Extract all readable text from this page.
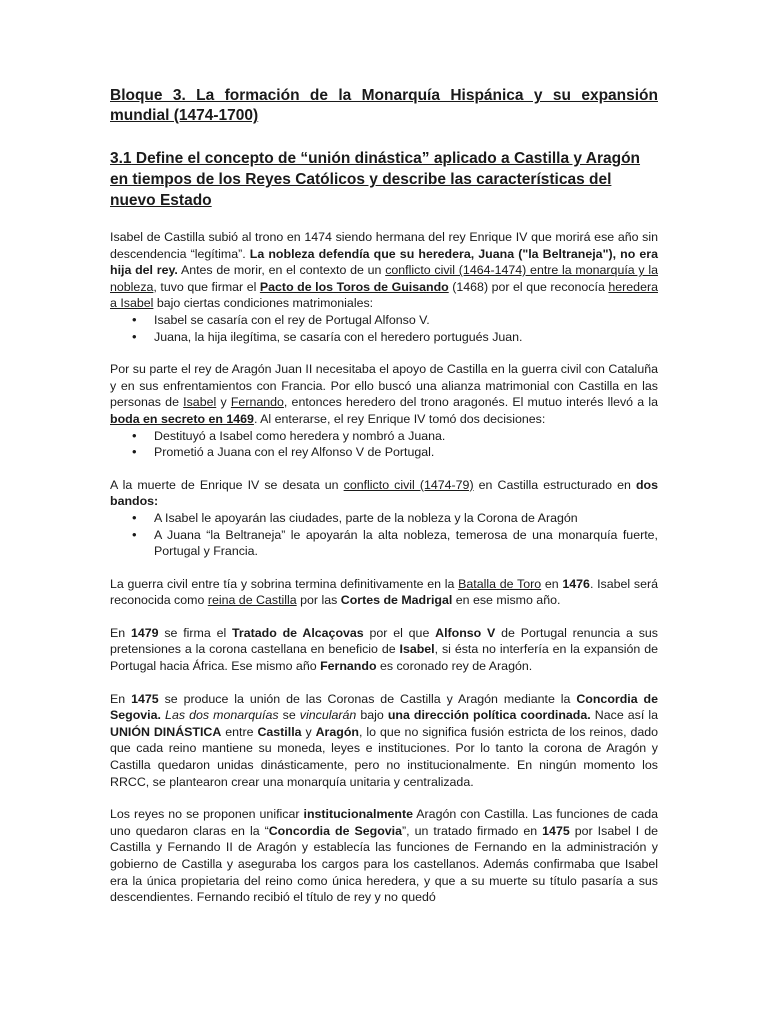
Bloque 3. La formación de la Monarquía Hispánica y su expansión mundial (1474-1700)
3.1 Define el concepto de “unión dinástica” aplicado a Castilla y Aragón en tiempos de los Reyes Católicos y describe las características del nuevo Estado

Isabel de Castilla subió al trono en 1474 siendo hermana del rey Enrique IV que morirá ese año sin descendencia “legítima”. La nobleza defendía que su heredera, Juana ("la Beltraneja"), no era hija del rey. Antes de morir, en el contexto de un conflicto civil (1464-1474) entre la monarquía y la nobleza, tuvo que firmar el Pacto de los Toros de Guisando (1468) por el que reconocía heredera a Isabel bajo ciertas condiciones matrimoniales:

• Isabel se casaría con el rey de Portugal Alfonso V.
• Juana, la hija ilegítima, se casaría con el heredero portugués Juan.

Por su parte el rey de Aragón Juan II necesitaba el apoyo de Castilla en la guerra civil con Cataluña y en sus enfrentamientos con Francia. Por ello buscó una alianza matrimonial con Castilla en las personas de Isabel y Fernando, entonces heredero del trono aragonés. El mutuo interés llevó a la boda en secreto en 1469. Al enterarse, el rey Enrique IV tomó dos decisiones:

• Destituyó a Isabel como heredera y nombró a Juana.
• Prometió a Juana con el rey Alfonso V de Portugal.

A la muerte de Enrique IV se desata un conflicto civil (1474-79) en Castilla estructurado en dos bandos:

• A Isabel le apoyarán las ciudades, parte de la nobleza y la Corona de Aragón
• A Juana “la Beltraneja” le apoyarán la alta nobleza, temerosa de una monarquía fuerte, Portugal y Francia.

La guerra civil entre tía y sobrina termina definitivamente en la Batalla de Toro en 1476. Isabel será reconocida como reina de Castilla por las Cortes de Madrigal en ese mismo año.

En 1479 se firma el Tratado de Alcaçovas por el que Alfonso V de Portugal renuncia a sus pretensiones a la corona castellana en beneficio de Isabel, si ésta no interfería en la expansión de Portugal hacia África. Ese mismo año Fernando es coronado rey de Aragón.

En 1475 se produce la unión de las Coronas de Castilla y Aragón mediante la Concordia de Segovia. Las dos monarquías se vincularán bajo una dirección política coordinada. Nace así la UNIÓN DINÁSTICA entre Castilla y Aragón, lo que no significa fusión estricta de los reinos, dado que cada reino mantiene su moneda, leyes e instituciones. Por lo tanto la corona de Aragón y Castilla quedaron unidas dinásticamente, pero no institucionalmente. En ningún momento los RRCC, se plantearon crear una monarquía unitaria y centralizada.

Los reyes no se proponen unificar institucionalmente Aragón con Castilla. Las funciones de cada uno quedaron claras en la “Concordia de Segovia”, un tratado firmado en 1475 por Isabel I de Castilla y Fernando II de Aragón y establecía las funciones de Fernando en la administración y gobierno de Castilla y aseguraba los cargos para los castellanos. Además confirmaba que Isabel era la única propietaria del reino como única heredera, y que a su muerte su título pasaría a sus descendientes. Fernando recibió el título de rey y no quedó
